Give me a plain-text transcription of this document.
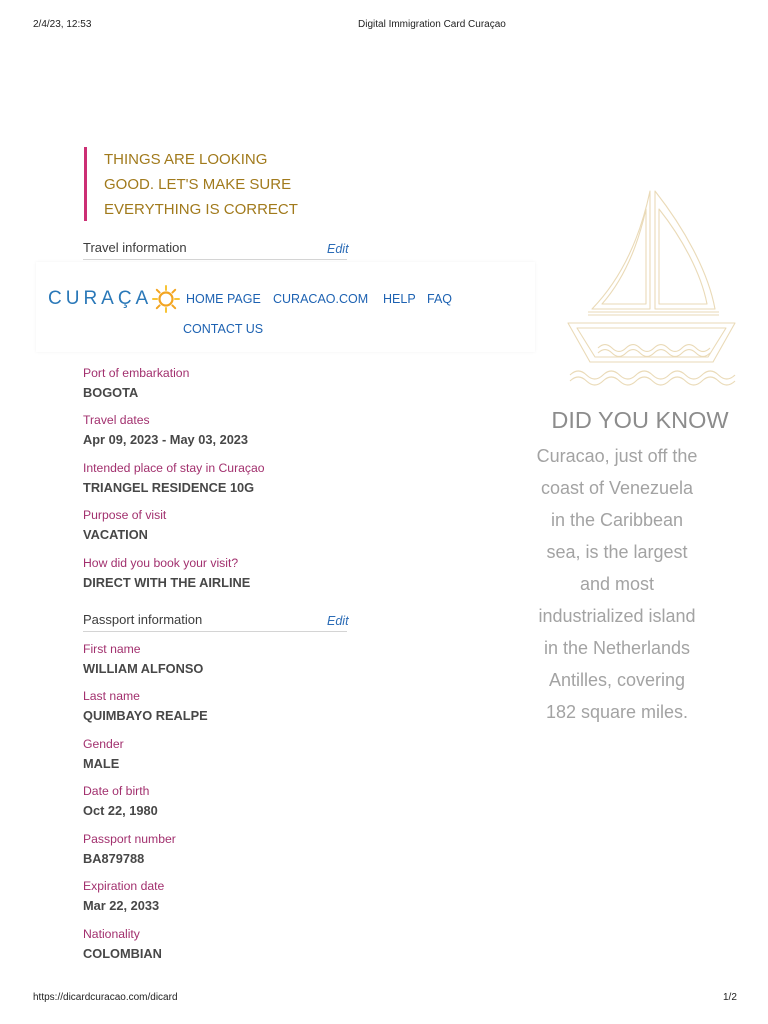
2/4/23, 12:53	Digital Immigration Card Curaçao
THINGS ARE LOOKING
GOOD. LET'S MAKE SURE
EVERYTHING IS CORRECT
Travel information	Edit
Port of embarkation
BOGOTA
Travel dates
Apr 09, 2023 - May 03, 2023
Intended place of stay in Curaçao
TRIANGEL RESIDENCE 10G
Purpose of visit
VACATION
How did you book your visit?
DIRECT WITH THE AIRLINE
Passport information	Edit
First name
WILLIAM ALFONSO
Last name
QUIMBAYO REALPE
Gender
MALE
Date of birth
Oct 22, 1980
Passport number
BA879788
Expiration date
Mar 22, 2033
Nationality
COLOMBIAN
CURAÇA	HOME PAGE CURACAO.COM HELP FAQ
CONTACT US
DID YOU KNOW
Curacao, just off the
coast of Venezuela
in the Caribbean
sea, is the largest
and most
industrialized island
in the Netherlands
Antilles, covering
182 square miles.
https://dicardcuracao.com/dicard	1/2
